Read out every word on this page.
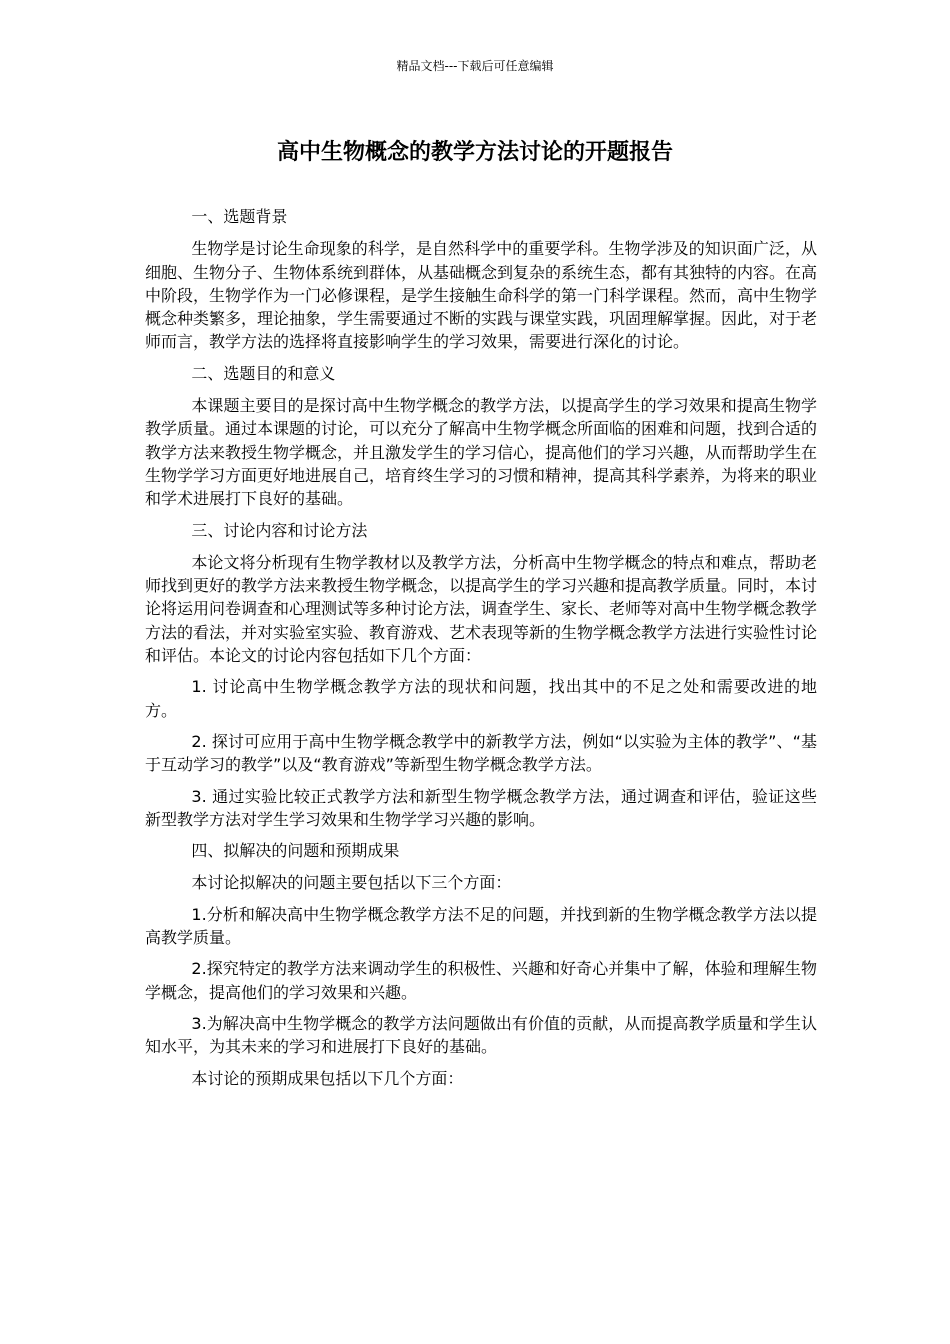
精品文档---下载后可任意编辑
高中生物概念的教学方法讨论的开题报告

一、选题背景

生物学是讨论生命现象的科学，是自然科学中的重要学科。生物学涉及的知识面广泛，从细胞、生物分子、生物体系统到群体，从基础概念到复杂的系统生态，都有其独特的内容。在高中阶段，生物学作为一门必修课程，是学生接触生命科学的第一门科学课程。然而，高中生物学概念种类繁多，理论抽象，学生需要通过不断的实践与课堂实践，巩固理解掌握。因此，对于老师而言，教学方法的选择将直接影响学生的学习效果，需要进行深化的讨论。

二、选题目的和意义

本课题主要目的是探讨高中生物学概念的教学方法，以提高学生的学习效果和提高生物学教学质量。通过本课题的讨论，可以充分了解高中生物学概念所面临的困难和问题，找到合适的教学方法来教授生物学概念，并且激发学生的学习信心，提高他们的学习兴趣，从而帮助学生在生物学学习方面更好地进展自己，培育终生学习的习惯和精神，提高其科学素养，为将来的职业和学术进展打下良好的基础。

三、讨论内容和讨论方法

本论文将分析现有生物学教材以及教学方法，分析高中生物学概念的特点和难点，帮助老师找到更好的教学方法来教授生物学概念，以提高学生的学习兴趣和提高教学质量。同时，本讨论将运用问卷调查和心理测试等多种讨论方法，调查学生、家长、老师等对高中生物学概念教学方法的看法，并对实验室实验、教育游戏、艺术表现等新的生物学概念教学方法进行实验性讨论和评估。本论文的讨论内容包括如下几个方面：

1. 讨论高中生物学概念教学方法的现状和问题，找出其中的不足之处和需要改进的地方。

2. 探讨可应用于高中生物学概念教学中的新教学方法，例如“以实验为主体的教学”、“基于互动学习的教学”以及“教育游戏”等新型生物学概念教学方法。

3. 通过实验比较正式教学方法和新型生物学概念教学方法，通过调查和评估，验证这些新型教学方法对学生学习效果和生物学学习兴趣的影响。

四、拟解决的问题和预期成果

本讨论拟解决的问题主要包括以下三个方面：

1.分析和解决高中生物学概念教学方法不足的问题，并找到新的生物学概念教学方法以提高教学质量。

2.探究特定的教学方法来调动学生的积极性、兴趣和好奇心并集中了解，体验和理解生物学概念，提高他们的学习效果和兴趣。

3.为解决高中生物学概念的教学方法问题做出有价值的贡献，从而提高教学质量和学生认知水平，为其未来的学习和进展打下良好的基础。

本讨论的预期成果包括以下几个方面：
